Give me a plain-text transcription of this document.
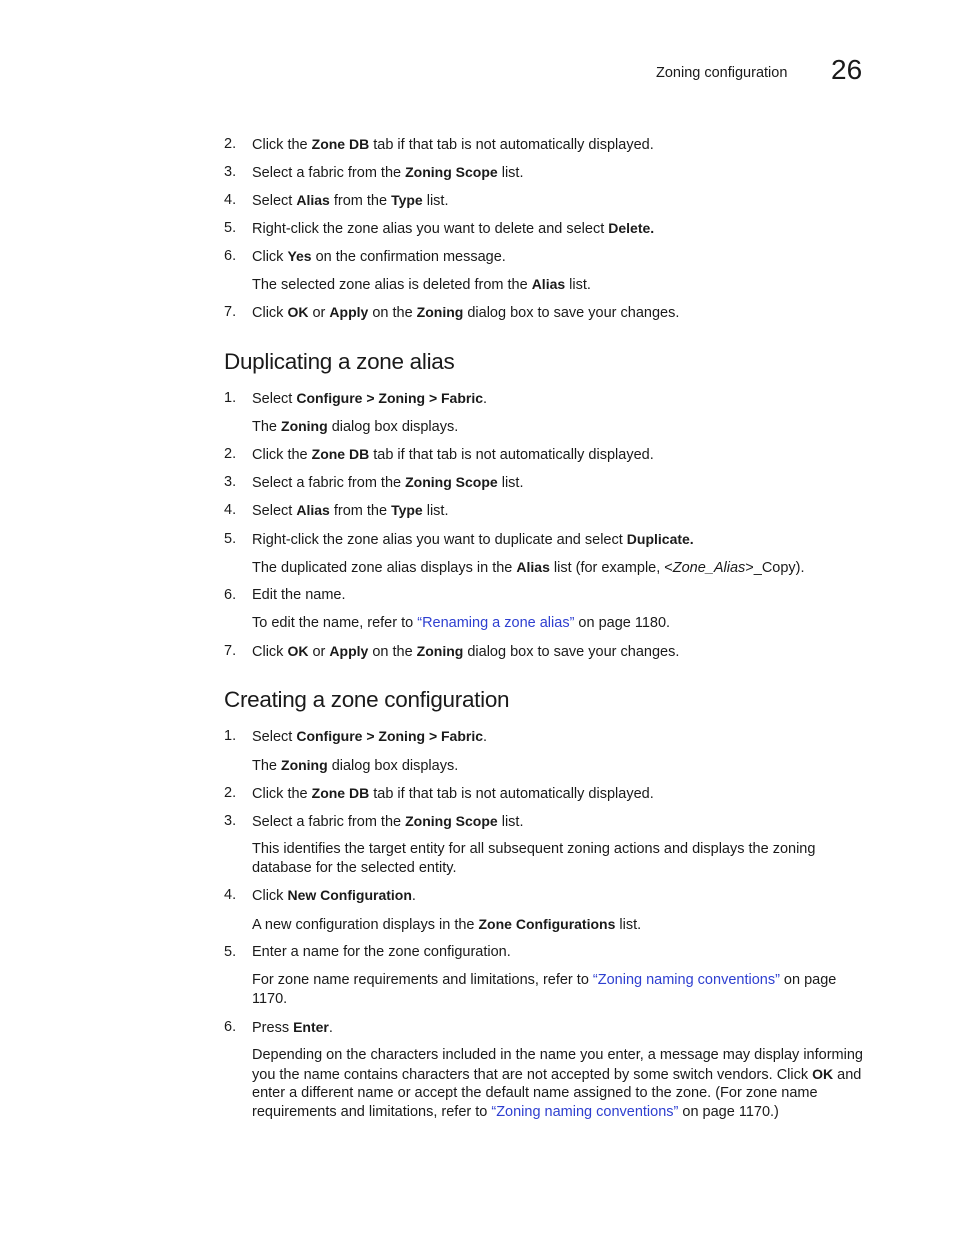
Zoning configuration 26
2.	Click the Zone DB tab if that tab is not automatically displayed.
3.	Select a fabric from the Zoning Scope list.
4.	Select Alias from the Type list.
5.	Right-click the zone alias you want to delete and select Delete.
6.	Click Yes on the confirmation message.
The selected zone alias is deleted from the Alias list.
7.	Click OK or Apply on the Zoning dialog box to save your changes.
Duplicating a zone alias
1.	Select Configure > Zoning > Fabric.
The Zoning dialog box displays.
2.	Click the Zone DB tab if that tab is not automatically displayed.
3.	Select a fabric from the Zoning Scope list.
4.	Select Alias from the Type list.
5.	Right-click the zone alias you want to duplicate and select Duplicate.
The duplicated zone alias displays in the Alias list (for example, <Zone_Alias>_Copy).
6.	Edit the name.
To edit the name, refer to “Renaming a zone alias” on page 1180.
7.	Click OK or Apply on the Zoning dialog box to save your changes.
Creating a zone configuration
1.	Select Configure > Zoning > Fabric.
The Zoning dialog box displays.
2.	Click the Zone DB tab if that tab is not automatically displayed.
3.	Select a fabric from the Zoning Scope list.
This identifies the target entity for all subsequent zoning actions and displays the zoning database for the selected entity.
4.	Click New Configuration.
A new configuration displays in the Zone Configurations list.
5.	Enter a name for the zone configuration.
For zone name requirements and limitations, refer to “Zoning naming conventions” on page 1170.
6.	Press Enter.
Depending on the characters included in the name you enter, a message may display informing you the name contains characters that are not accepted by some switch vendors. Click OK and enter a different name or accept the default name assigned to the zone. (For zone name requirements and limitations, refer to “Zoning naming conventions” on page 1170.)
